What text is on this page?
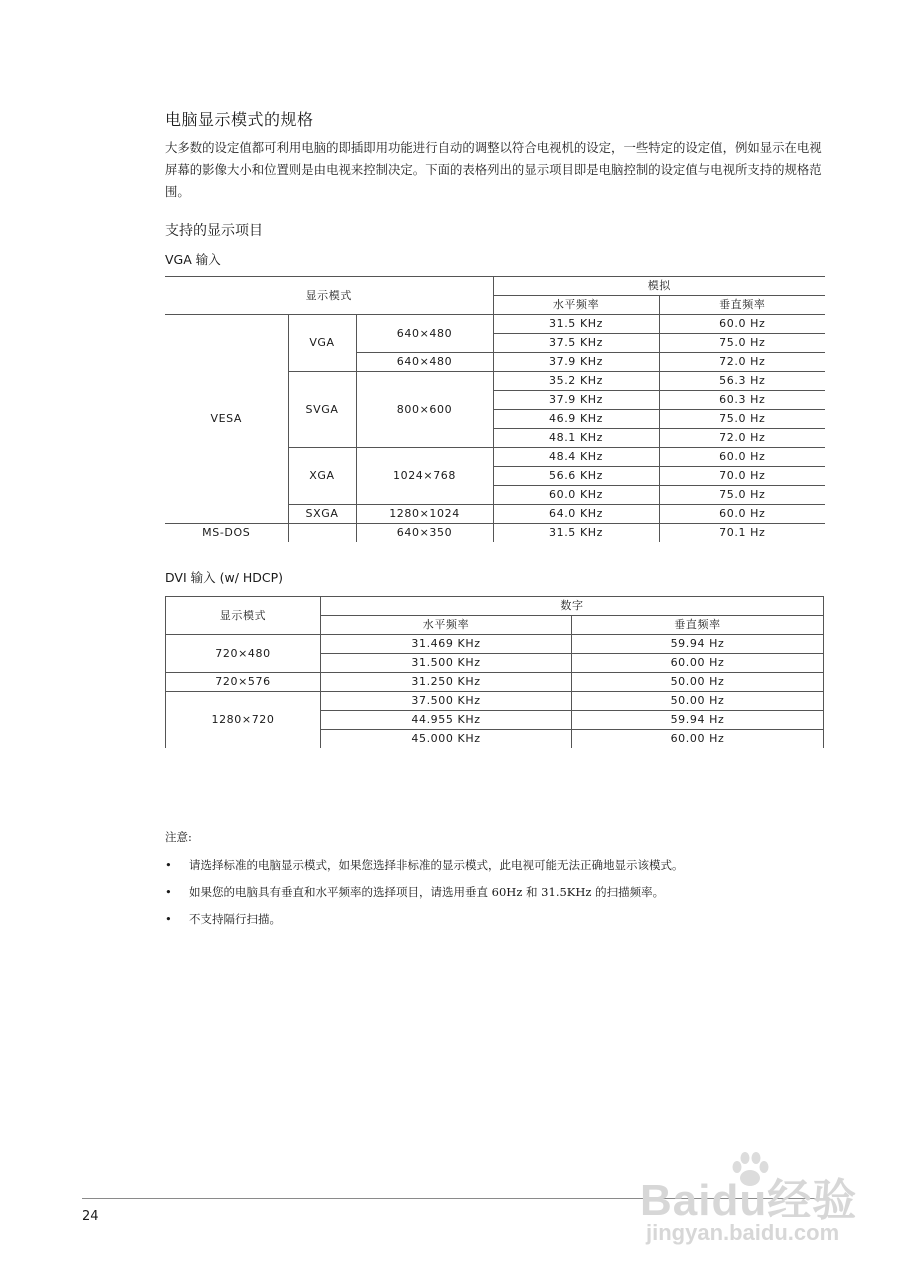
电脑显示模式的规格

大多数的设定值都可利用电脑的即插即用功能进行自动的调整以符合电视机的设定，一些特定的设定值，例如显示在电视屏幕的影像大小和位置则是由电视来控制决定。下面的表格列出的显示项目即是电脑控制的设定值与电视所支持的规格范围。

支持的显示项目
VGA 输入
显示模式			模拟	
			水平频率	垂直频率
VESA	VGA	640×480	31.5 KHz	60.0 Hz
			37.5 KHz	75.0 Hz
		640×480	37.9 KHz	72.0 Hz
	SVGA	800×600	35.2 KHz	56.3 Hz
			37.9 KHz	60.3 Hz
			46.9 KHz	75.0 Hz
			48.1 KHz	72.0 Hz
	XGA	1024×768	48.4 KHz	60.0 Hz
			56.6 KHz	70.0 Hz
			60.0 KHz	75.0 Hz
	SXGA	1280×1024	64.0 KHz	60.0 Hz
MS-DOS		640×350	31.5 KHz	70.1 Hz
DVI 输入 (w/ HDCP)
显示模式	数字	
	水平频率	垂直频率
720×480	31.469 KHz	59.94 Hz
	31.500 KHz	60.00 Hz
720×576	31.250 KHz	50.00 Hz
1280×720	37.500 KHz	50.00 Hz
	44.955 KHz	59.94 Hz
	45.000 KHz	60.00 Hz
注意:
• 请选择标准的电脑显示模式，如果您选择非标准的显示模式，此电视可能无法正确地显示该模式。
• 如果您的电脑具有垂直和水平频率的选择项目，请选用垂直 60Hz 和 31.5KHz 的扫描频率。
• 不支持隔行扫描。
24	Baidu经验
jingyan.baidu.com
